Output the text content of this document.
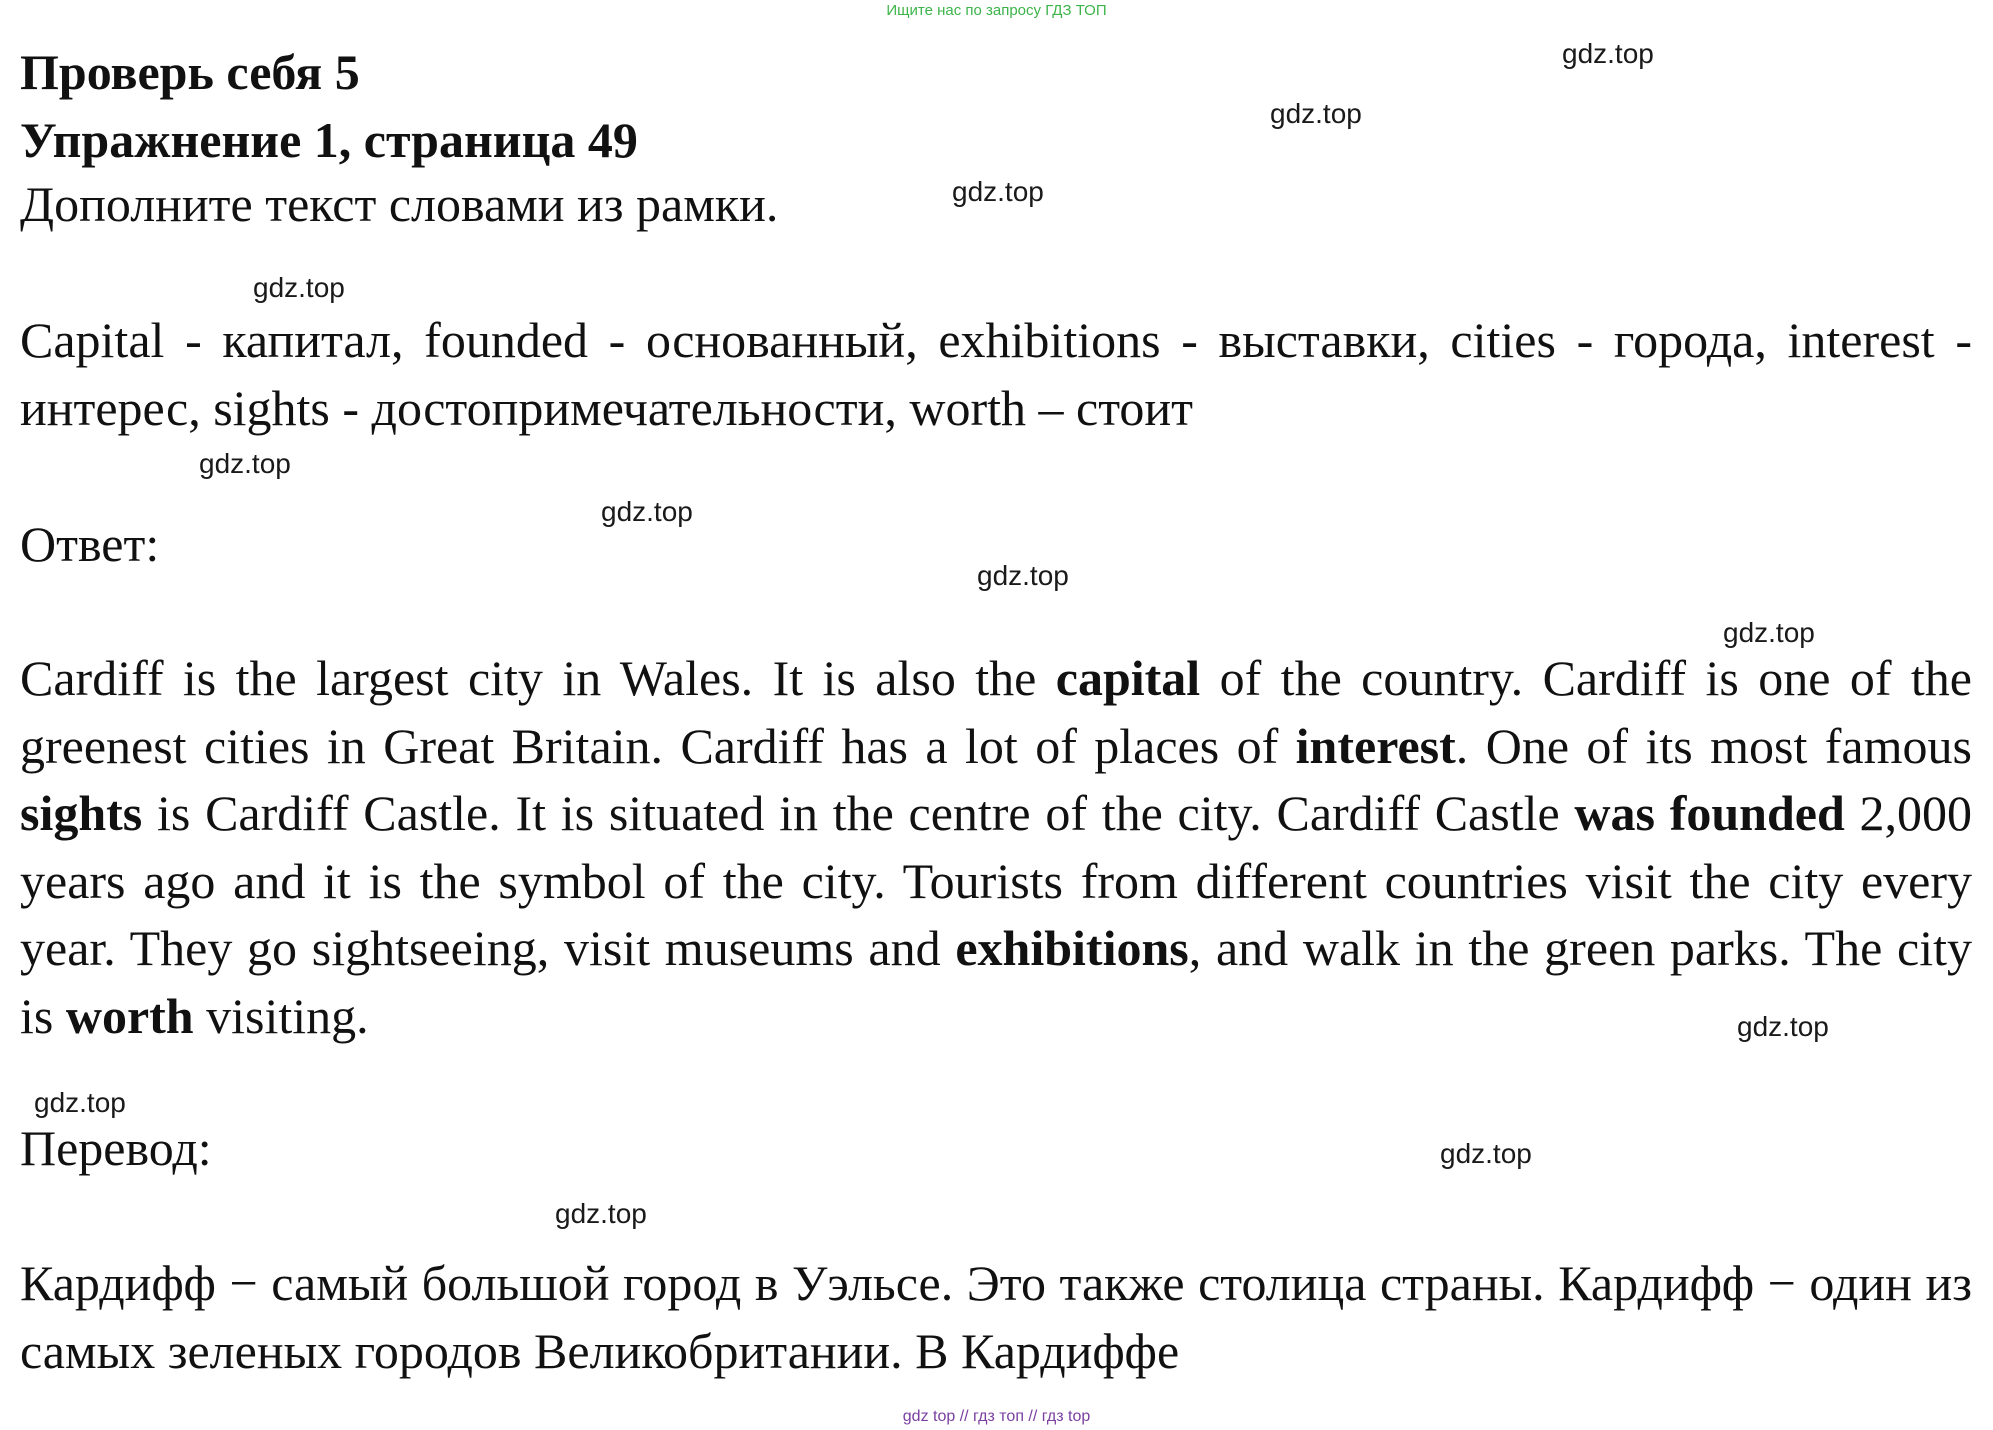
Ищите нас по запросу ГДЗ ТОП
Проверь себя 5
Упражнение 1, страница 49

Дополните текст словами из рамки.

Capital - капитал, founded - основанный, exhibitions - выставки, cities - города, interest - интерес, sights - достопримечательности, worth – стоит

Ответ:

Cardiff is the largest city in Wales. It is also the capital of the country. Cardiff is one of the greenest cities in Great Britain. Cardiff has a lot of places of interest. One of its most famous sights is Cardiff Castle. It is situated in the centre of the city. Cardiff Castle was founded 2,000 years ago and it is the symbol of the city. Tourists from different countries visit the city every year. They go sightseeing, visit museums and exhibitions, and walk in the green parks. The city is worth visiting.

Перевод:

Кардифф − самый большой город в Уэльсе. Это также столица страны. Кардифф − один из самых зеленых городов Великобритании. В Кардиффе

gdz.top
gdz.top
gdz.top
gdz.top
gdz.top
gdz.top
gdz.top
gdz.top
gdz.top
gdz.top
gdz.top
gdz.top
gdz top // гдз топ // гдз top
